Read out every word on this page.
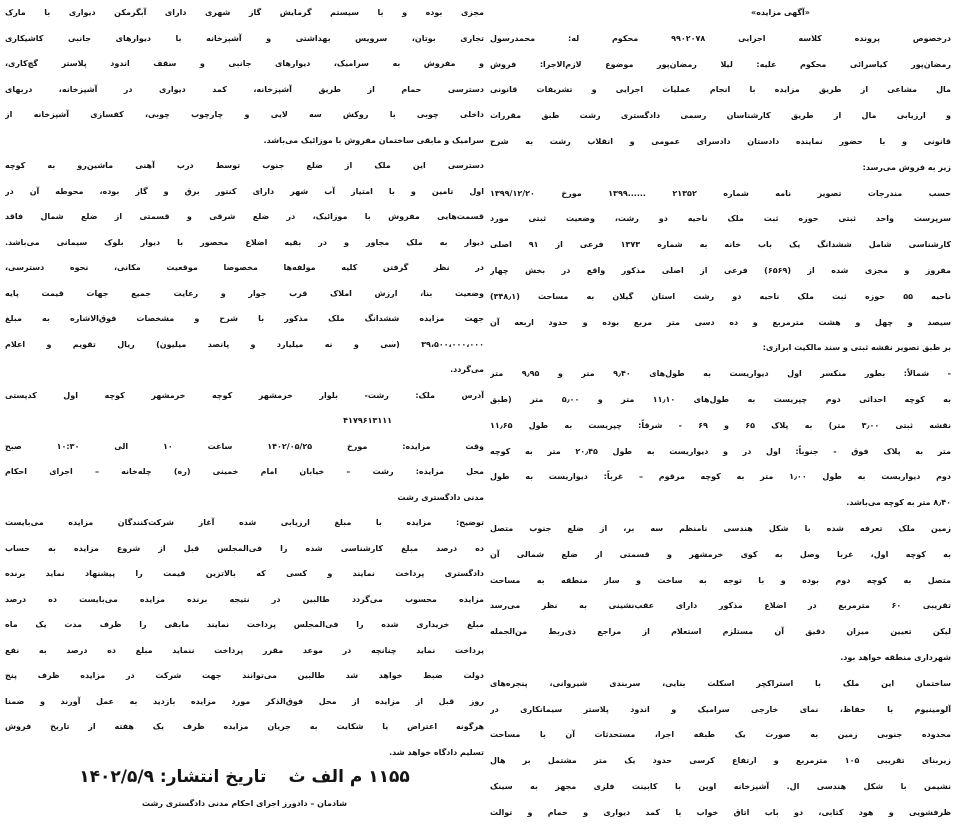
«آگهی مزایده»
درخصوص پرونده کلاسه اجرایی ۹۹۰۲۰۷۸ محکوم له: محمدرسول
رمضان‌پور کیاسرائی محکوم علیه: لیلا رمضان‌پور موضوع لازم‌الاجرا: فروش
مال مشاعی از طریق مزایده با انجام عملیات اجرایی و تشریفات قانونی
و ارزیابی مال از طریق کارشناسان رسمی دادگستری رشت طبق مقررات
قانونی و با حضور نماینده دادستان دادسرای عمومی و انقلاب رشت به شرح
زیر به فروش می‌رسد:
حسب مندرجات تصویر نامه شماره ۲۱۳۵۲ ......۱۳۹۹ مورخ ۱۳۹۹/۱۲/۲۰
سرپرست واحد ثبتی حوزه ثبت ملک ناحیه دو رشت، وضعیت ثبتی مورد
کارشناسی شامل ششدانگ یک باب خانه به شماره ۱۳۷۳ فرعی از ۹۱ اصلی
مفروز و مجزی شده از (۶۵۶۹) فرعی از اصلی مذکور واقع در بخش چهار
ناحیه ۵۵ حوزه ثبت ملک ناحیه دو رشت استان گیلان به مساحت (۳۴۸٫۱)
سیصد و چهل و هشت مترمربع و ده دسی متر مربع بوده و حدود اربعه آن
بر طبق تصویر نقشه ثبتی و سند مالکیت ابرازی:
- شمالاً: بطور منکسر اول دیواریست به طول‌های ۹٫۴۰ متر و ۹٫۹۵ متر
به کوچه احداثی دوم چپریست به طول‌های ۱۱٫۱۰ متر و ۵٫۰۰ متر (طبق
نقشه ثبتی ۳٫۰۰ متر) به پلاک ۶۵ و ۶۹ - شرقاً: چپریست به طول ۱۱٫۶۵
متر به پلاک فوق - جنوباً: اول در و دیواریست به طول ۲۰٫۴۵ متر به کوچه
دوم دیواریست به طول ۱٫۰۰ متر به کوچه مرقوم – غرباً: دیواریست به طول
۸٫۴۰ متر به کوچه می‌باشد.
زمین ملک تعرفه شده با شکل هندسی نامنظم سه بر، از ضلع جنوب متصل
به کوچه اول، غربا وصل به کوی خرمشهر و قسمتی از ضلع شمالی آن
متصل به کوچه دوم بوده و با توجه به ساخت و ساز منطقه به مساحت
تقریبی ۶۰ مترمربع در اضلاع مذکور دارای عقب‌نشینی به نظر می‌رسد
لیکن تعیین میزان دقیق آن مستلزم استعلام از مراجع ذی‌ربط من‌الجمله
شهرداری منطقه خواهد بود.
ساختمان این ملک با استراکچر اسکلت بنایی، سربندی شیروانی، پنجره‌های
آلومینیوم با حفاظ، نمای خارجی سرامیک و اندود پلاستر سیمانکاری در
محدوده جنوبی زمین به صورت یک طبقه اجرا، مستحدثات آن با مساحت
زیربنای تقریبی ۱۰۵ مترمربع و ارتفاع کرسی حدود یک متر مشتمل بر هال
نشیمن با شکل هندسی ال. آشپزخانه اوپن با کابینت فلزی مجهز به سینک
ظرفشویی و هود کتابی، دو باب اتاق خواب با کمد دیواری و حمام و توالت
مجزی بوده و با سیستم گرمایش گاز شهری دارای آبگرمکن دیواری با مارک
تجاری بوتان، سرویس بهداشتی و آشپزخانه با دیوارهای جانبی کاشیکاری
و مفروش به سرامیک، دیوارهای جانبی و سقف اندود پلاستر گچ‌کاری،
دسترسی حمام از طریق آشپزخانه، کمد دیواری در آشپزخانه، دربهای
داخلی چوبی با روکش سه لایی و چارچوب چوبی، کفسازی آشپزخانه از
سرامیک و مابقی ساختمان مفروش با موزائیک می‌باشد.
دسترسی این ملک از ضلع جنوب توسط درب آهنی ماشین‌رو به کوچه
اول تامین و با امتیاز آب شهر دارای کنتور برق و گاز بوده، محوطه آن در
قسمت‌هایی مفروش با موزائیک، در ضلع شرقی و قسمتی از ضلع شمال فاقد
دیوار به ملک مجاور و در بقیه اضلاع محصور با دیوار بلوک سیمانی می‌باشد.
در نظر گرفتن کلیه مولفه‌ها مخصوصا موقعیت مکانی، نحوه دسترسی،
وضعیت بنا، ارزش املاک قرب جوار و رعایت جمیع جهات قیمت پایه
جهت مزایده ششدانگ ملک مذکور با شرح و مشخصات فوق‌الاشاره به مبلغ
۳۹،۵۰۰،۰۰۰،۰۰۰ (سی و نه میلیارد و پانصد میلیون) ریال تقویم و اعلام
می‌گردد.
آدرس ملک: رشت- بلوار خرمشهر کوچه خرمشهر کوچه اول کدپستی
۴۱۷۹۶۱۳۱۱۱
وقت مزایده: مورخ ۱۴۰۲/۰۵/۲۵ ساعت ۱۰ الی ۱۰:۳۰ صبح
محل مزایده: رشت – خیابان امام خمینی (ره) چله‌خانه – اجرای احکام
مدنی دادگستری رشت
توضیح: مزایده با مبلغ ارزیابی شده آغاز شرکت‌کنندگان مزایده می‌بایست
ده درصد مبلغ کارشناسی شده را فی‌المجلس قبل از شروع مزایده به حساب
دادگستری پرداخت نمایند و کسی که بالاترین قیمت را پیشنهاد نماید برنده
مزایده محسوب می‌گردد طالبین در نتیجه برنده مزایده می‌بایست ده درصد
مبلغ خریداری شده را فی‌المجلس پرداخت نمایند مابقی را ظرف مدت یک ماه
پرداخت نماید چنانچه در موعد مقرر پرداخت ننماید مبلغ ده درصد به نفع
دولت ضبط خواهد شد طالبین می‌توانند جهت شرکت در مزایده ظرف پنج
روز قبل از مزایده از محل فوق‌الذکر مورد مزایده بازدید به عمل آورند و ضمنا
هرگونه اعتراض یا شکایت به جریان مزایده ظرف یک هفته از تاریخ فروش
تسلیم دادگاه خواهد شد.
۱۱۵۵ م الف ث
تاریخ انتشار: ۱۴۰۲/۵/۹
شادمان – دادورز اجرای احکام مدنی دادگستری رشت
